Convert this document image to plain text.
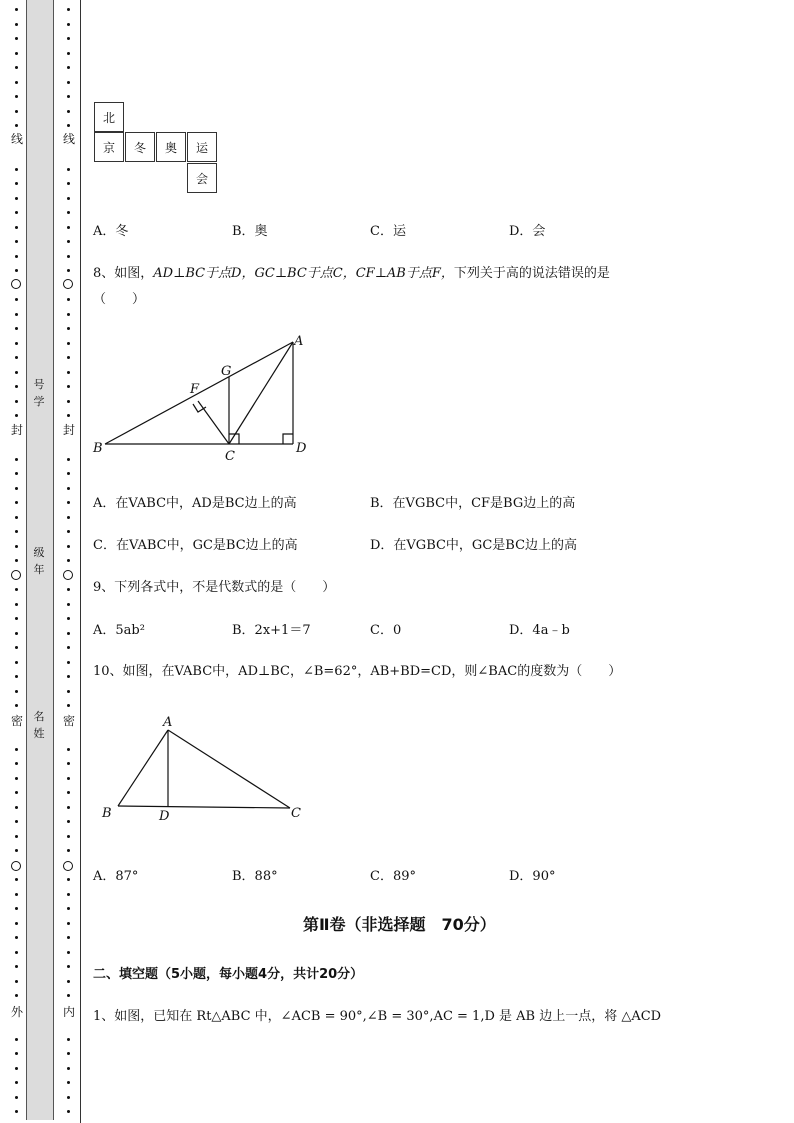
线
封
密
外
线
封
密
内
号学
级年
名姓
北
京	冬	奥	运
会
A．冬	B．奥	C．运	D．会
8、如图，AD⊥BC于点D，GC⊥BC于点C，CF⊥AB于点F，下列关于高的说法错误的是
（　　）
A
G
F
B
C
D
A．在VABC中，AD是BC边上的高	B．在VGBC中，CF是BG边上的高
C．在VABC中，GC是BC边上的高	D．在VGBC中，GC是BC边上的高
9、下列各式中，不是代数式的是（　　）
A．5ab²	B．2x+1＝7	C．0	D．4a﹣b
10、如图，在VABC中，AD⊥BC，∠B=62°，AB+BD=CD，则∠BAC的度数为（　　）
A
B	D	C
A．87°	B．88°	C．89°	D．90°
第Ⅱ卷（非选择题　70分）
二、填空题（5小题，每小题4分，共计20分）
1、如图，已知在 Rt△ABC 中，∠ACB = 90°,∠B = 30°,AC = 1,D 是 AB 边上一点，将 △ACD
